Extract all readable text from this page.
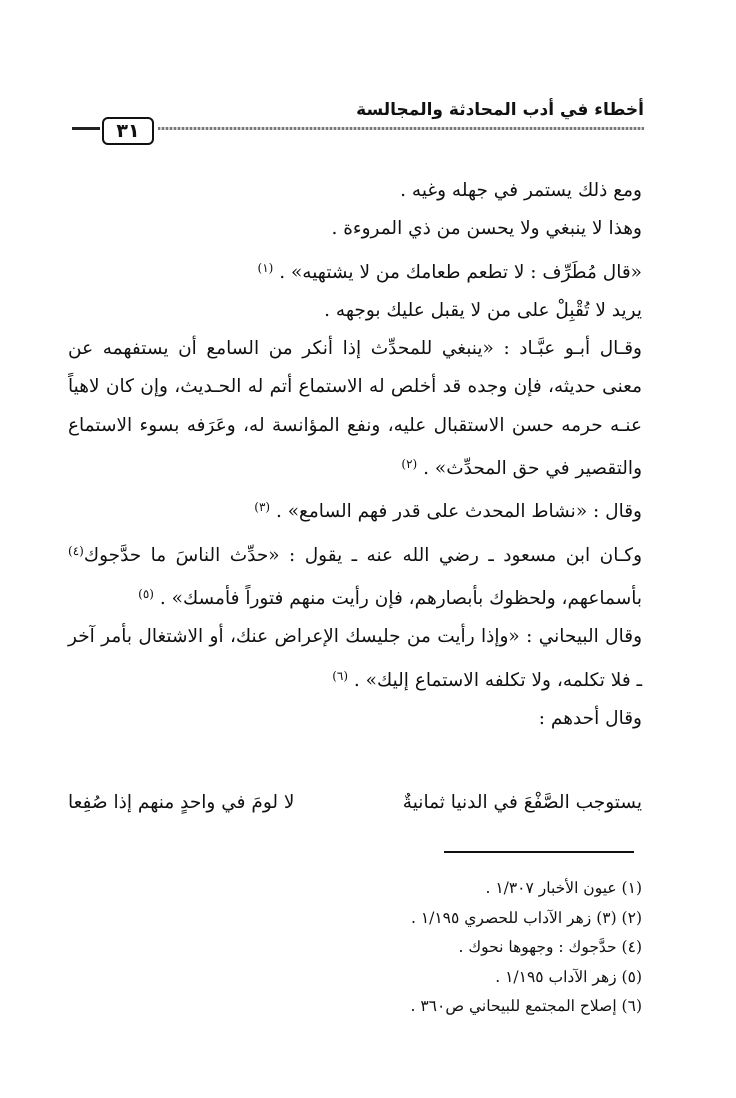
أخطاء في أدب المحادثة والمجالسة
٣١

ومع ذلك يستمر في جهله وغيه .

وهذا لا ينبغي ولا يحسن من ذي المروءة .

«قال مُطَرِّف : لا تطعم طعامك من لا يشتهيه» . $^{(١)}$

يريد لا تُقْبِلْ على من لا يقبل عليك بوجهه .

وقـال أبـو عبَّـاد : «ينبغي للمحدِّث إذا أنكر من السامع أن يستفهمه عن معنى حديثه، فإن وجده قد أخلص له الاستماع أتم له الحـديث، وإن كان لاهياً عنـه حرمه حسن الاستقبال عليه، ونفع المؤانسة له، وعَرَفه بسوء الاستماع والتقصير في حق المحدِّث» . $^{(٢)}$

وقال : «نشاط المحدث على قدر فهم السامع» . $^{(٣)}$

وكـان ابن مسعود ـ رضي الله عنه ـ يقول : «حدِّث الناسَ ما حدَّجوك$^{(٤)}$ بأسماعهم، ولحظوك بأبصارهم، فإن رأيت منهم فتوراً فأمسك» . $^{(٥)}$

وقال البيحاني : «وإذا رأيت من جليسك الإعراض عنك، أو الاشتغال بأمر آخر ـ فلا تكلمه، ولا تكلفه الاستماع إليك» . $^{(٦)}$

وقال أحدهم :

يستوجب الصَّفْعَ في الدنيا ثمانيةٌ
لا لومَ في واحدٍ منهم إذا صُفِعا
(١) عيون الأخبار ١/٣٠٧ .
(٢) (٣) زهر الآداب للحصري ١/١٩٥ .
(٤) حدَّجوك : وجهوها نحوك .
(٥) زهر الآداب ١/١٩٥ .
(٦) إصلاح المجتمع للبيحاني ص٣٦٠ .
